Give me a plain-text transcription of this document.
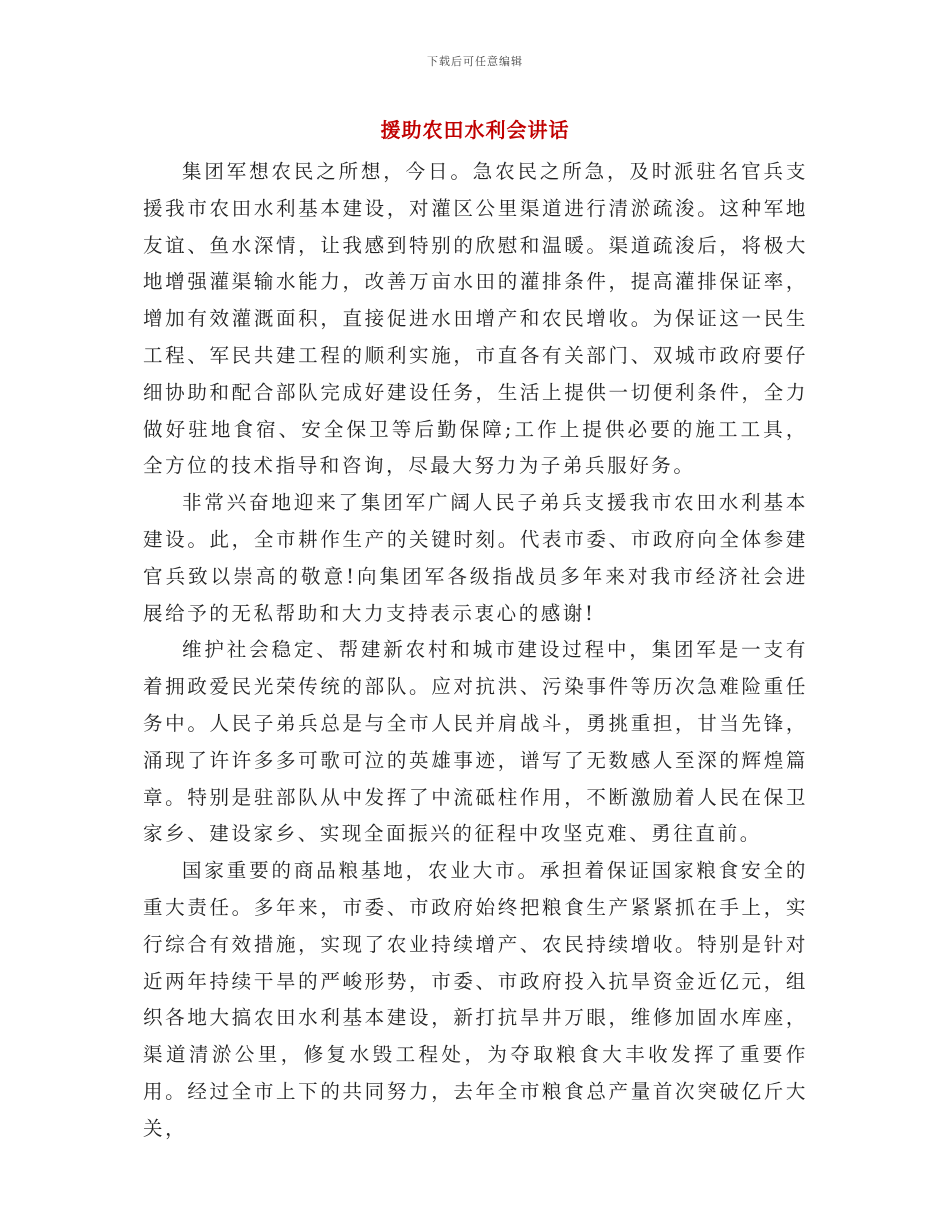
下载后可任意编辑
援助农田水利会讲话

集团军想农民之所想，今日。急农民之所急，及时派驻名官兵支援我市农田水利基本建设，对灌区公里渠道进行清淤疏浚。这种军地友谊、鱼水深情，让我感到特别的欣慰和温暖。渠道疏浚后，将极大地增强灌渠输水能力，改善万亩水田的灌排条件，提高灌排保证率，增加有效灌溉面积，直接促进水田增产和农民增收。为保证这一民生工程、军民共建工程的顺利实施，市直各有关部门、双城市政府要仔细协助和配合部队完成好建设任务，生活上提供一切便利条件，全力做好驻地食宿、安全保卫等后勤保障;工作上提供必要的施工工具，全方位的技术指导和咨询，尽最大努力为子弟兵服好务。

非常兴奋地迎来了集团军广阔人民子弟兵支援我市农田水利基本建设。此，全市耕作生产的关键时刻。代表市委、市政府向全体参建官兵致以崇高的敬意!向集团军各级指战员多年来对我市经济社会进展给予的无私帮助和大力支持表示衷心的感谢!

维护社会稳定、帮建新农村和城市建设过程中，集团军是一支有着拥政爱民光荣传统的部队。应对抗洪、污染事件等历次急难险重任务中。人民子弟兵总是与全市人民并肩战斗，勇挑重担，甘当先锋，涌现了许许多多可歌可泣的英雄事迹，谱写了无数感人至深的辉煌篇章。特别是驻部队从中发挥了中流砥柱作用，不断激励着人民在保卫家乡、建设家乡、实现全面振兴的征程中攻坚克难、勇往直前。

国家重要的商品粮基地，农业大市。承担着保证国家粮食安全的重大责任。多年来，市委、市政府始终把粮食生产紧紧抓在手上，实行综合有效措施，实现了农业持续增产、农民持续增收。特别是针对近两年持续干旱的严峻形势，市委、市政府投入抗旱资金近亿元，组织各地大搞农田水利基本建设，新打抗旱井万眼，维修加固水库座，渠道清淤公里，修复水毁工程处，为夺取粮食大丰收发挥了重要作用。经过全市上下的共同努力，去年全市粮食总产量首次突破亿斤大关，
